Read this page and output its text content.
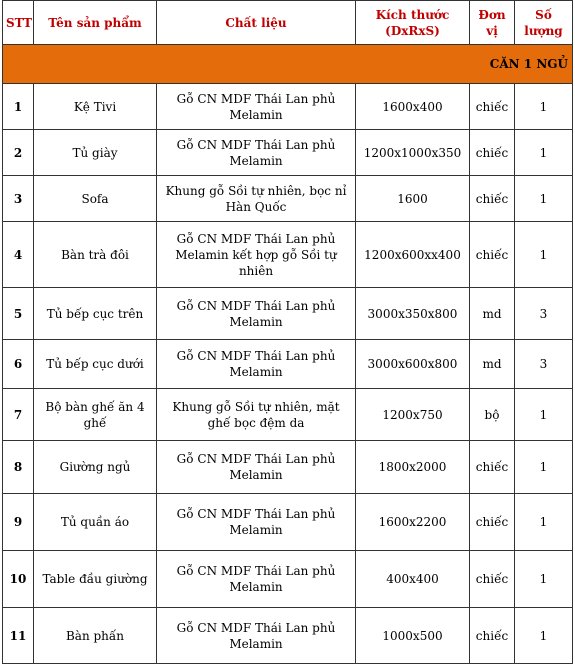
STT	Tên sản phẩm	Chất liệu	Kích thước (DxRxS)	Đơn vị	Số lượng
CĂN 1 NGỦ					
1	Kệ Tivi	Gỗ CN MDF Thái Lan phủ Melamin	1600x400	chiếc	1
2	Tủ giày	Gỗ CN MDF Thái Lan phủ Melamin	1200x1000x350	chiếc	1
3	Sofa	Khung gỗ Sồi tự nhiên, bọc nỉ Hàn Quốc	1600	chiếc	1
4	Bàn trà đôi	Gỗ CN MDF Thái Lan phủ Melamin kết hợp gỗ Sồi tự nhiên	1200x600xx400	chiếc	1
5	Tủ bếp cục trên	Gỗ CN MDF Thái Lan phủ Melamin	3000x350x800	md	3
6	Tủ bếp cục dưới	Gỗ CN MDF Thái Lan phủ Melamin	3000x600x800	md	3
7	Bộ bàn ghế ăn 4 ghế	Khung gỗ Sồi tự nhiên, mặt ghế bọc đệm da	1200x750	bộ	1
8	Giường ngủ	Gỗ CN MDF Thái Lan phủ Melamin	1800x2000	chiếc	1
9	Tủ quần áo	Gỗ CN MDF Thái Lan phủ Melamin	1600x2200	chiếc	1
10	Table đầu giường	Gỗ CN MDF Thái Lan phủ Melamin	400x400	chiếc	1
11	Bàn phấn	Gỗ CN MDF Thái Lan phủ Melamin	1000x500	chiếc	1
